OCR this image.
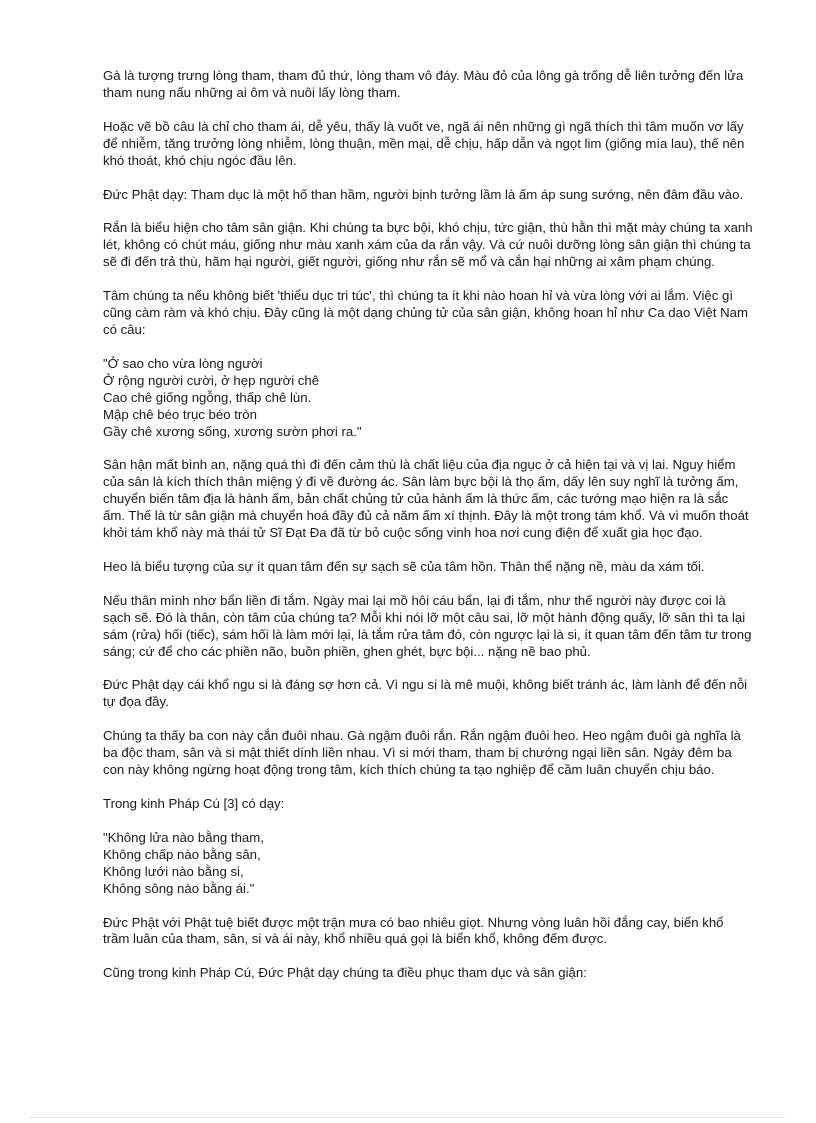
Gà là tượng trưng lòng tham, tham đủ thứ, lòng tham vô đáy. Màu đỏ của lông gà trống dễ liên tưởng đến lửa tham nung nấu những ai ôm và nuôi lấy lòng tham.

Hoặc vẽ bồ câu là chỉ cho tham ái, dễ yêu, thấy là vuốt ve, ngã ái nên những gì ngã thích thì tâm muốn vơ lấy để nhiễm, tăng trưởng lòng nhiễm, lòng thuận, mền mại, dễ chịu, hấp dẫn và ngọt lim (giống mía lau), thế nên khó thoát, khó chịu ngóc đầu lên.

Đức Phật dạy: Tham dục là một hố than hầm, người bịnh tưởng lầm là ấm áp sung sướng, nên đâm đầu vào.

Rắn là biểu hiện cho tâm sân giận. Khi chúng ta bực bội, khó chịu, tức giận, thù hằn thì mặt mày chúng ta xanh lét, không có chút máu, giống như màu xanh xám của da rắn vậy. Và cứ nuôi dưỡng lòng sân giận thì chúng ta sẽ đi đến trả thù, hãm hại người, giết người, giống như rắn sẽ mổ và cắn hại những ai xâm phạm chúng.

Tâm chúng ta nếu không biết 'thiểu dục tri túc', thì chúng ta ít khi nào hoan hỉ và vừa lòng với ai lắm. Việc gì cũng càm ràm và khó chịu. Đây cũng là một dạng chủng tử của sân giận, không hoan hỉ như Ca dao Việt Nam có câu:

"Ở sao cho vừa lòng người
Ở rộng người cười, ở hẹp người chê
Cao chê giống ngỗng, thấp chê lùn.
Mập chê béo trục béo tròn
Gầy chê xương sống, xương sườn phơi ra."

Sân hận mất bình an, nặng quá thì đi đến cảm thù là chất liệu của địa ngục ở cả hiện tại và vị lai. Nguy hiểm của sân là kích thích thân miệng ý đi về đường ác. Sân làm bực bội là thọ ấm, dấy lên suy nghĩ là tưởng ấm, chuyển biến tâm địa là hành ấm, bản chất chủng tử của hành ấm là thức ấm, các tướng mạo hiện ra là sắc ấm. Thế là từ sân giận mà chuyển hoá đầy đủ cả năm ấm xí thịnh. Đây là một trong tám khổ. Và vì muốn thoát khỏi tám khổ này mà thái tử Sĩ Đạt Đa đã từ bỏ cuộc sống vinh hoa nơi cung điện để xuất gia học đạo.

Heo là biểu tượng của sự ít quan tâm đến sự sạch sẽ của tâm hồn. Thân thể nặng nề, màu da xám tối.

Nếu thân mình nhơ bẩn liền đi tắm. Ngày mai lại mồ hôi cáu bẩn, lại đi tắm, như thế người này được coi là sạch sẽ. Đó là thân, còn tâm của chúng ta? Mỗi khi nói lỡ một câu sai, lỡ một hành động quấy, lỡ sân thì ta lại sám (rửa) hối (tiếc), sám hối là làm mới lại, là tắm rửa tâm đó, còn ngược lại là si, ít quan tâm đến tâm tư trong sáng; cứ để cho các phiền não, buồn phiền, ghen ghét, bực bội... nặng nề bao phủ.

Đức Phật dạy cái khổ ngu si là đáng sợ hơn cả. Vì ngu si là mê muội, không biết tránh ác, làm lành để đến nỗi tự đọa đầy.

Chúng ta thấy ba con này cắn đuôi nhau. Gà ngậm đuôi rắn. Rắn ngậm đuôi heo. Heo ngậm đuôi gà nghĩa là ba độc tham, sân và si mật thiết dính liền nhau. Vì si mới tham, tham bị chướng ngại liền sân. Ngày đêm ba con này không ngừng hoạt động trong tâm, kích thích chúng ta tạo nghiệp để cầm luân chuyển chịu báo.

Trong kinh Pháp Cú [3] có dạy:

"Không lửa nào bằng tham,
Không chấp nào bằng sân,
Không lưới nào bằng si,
Không sông nào bằng ái."

Đức Phật với Phật tuệ biết được một trận mưa có bao nhiêu giọt. Nhưng vòng luân hồi đắng cay, biển khổ trầm luân của tham, sân, si và ái này, khổ nhiều quá gọi là biển khổ, không đếm được.

Cũng trong kinh Pháp Cú, Đức Phật dạy chúng ta điều phục tham dục và sân giận:
